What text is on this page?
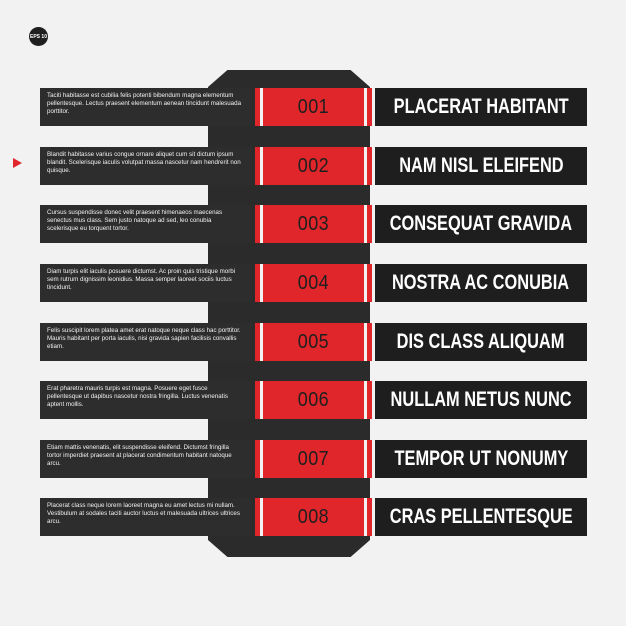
EPS 10
Taciti habitasse est cubilia felis potenti bibendum magna elementum pellentesque. Lectus praesent elementum aenean tincidunt malesuada porttitor.	001	PLACERAT HABITANT
Blandit habitasse varius congue ornare aliquet cum sit dictum ipsum blandit. Scelerisque iaculis volutpat massa nascetur nam hendrerit non quisque.	002	NAM NISL ELEIFEND
Cursus suspendisse donec velit praesent himenaeos maecenas senectus mus class. Sem justo natoque ad sed, leo conubia scelerisque eu torquent tortor.	003	CONSEQUAT GRAVIDA
Diam turpis elit iaculis posuere dictumst. Ac proin quis tristique morbi sem rutrum dignissim leonidius. Massa semper laoreet sociis luctus tincidunt.	004	NOSTRA AC CONUBIA
Felis suscipit lorem platea amet erat natoque neque class hac porttitor. Mauris habitant per porta iaculis, nisi gravida sapien facilisis convallis etiam.	005	DIS CLASS ALIQUAM
Erat pharetra mauris turpis est magna. Posuere eget fusce pellentesque ut dapibus nascetur nostra fringilla. Luctus venenatis aptent mollis.	006	NULLAM NETUS NUNC
Etiam mattis venenatis, elit suspendisse eleifend. Dictumst fringilla tortor imperdiet praesent at placerat condimentum habitant natoque arcu.	007	TEMPOR UT NONUMY
Placerat class neque lorem laoreet magna eu amet lectus mi nullam. Vestibulum at sodales taciti auctor luctus et malesuada ultrices ultrices arcu.	008	CRAS PELLENTESQUE
